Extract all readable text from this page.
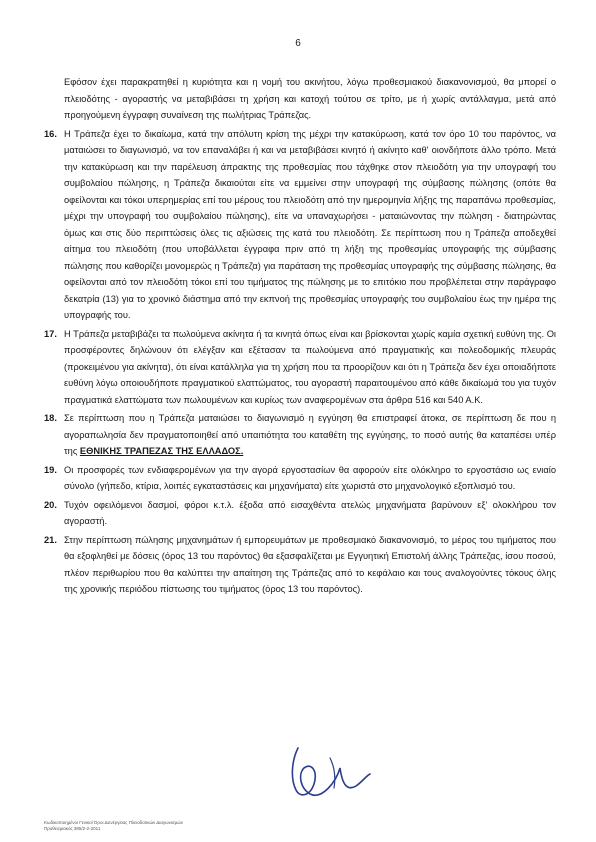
6

Εφόσον έχει παρακρατηθεί η κυριότητα και η νομή του ακινήτου, λόγω προθεσμιακού διακανονισμού, θα μπορεί ο πλειοδότης - αγοραστής να μεταβιβάσει τη χρήση και κατοχή τούτου σε τρίτο, με ή χωρίς αντάλλαγμα, μετά από προηγούμενη έγγραφη συναίνεση της πωλήτριας Τράπεζας.

16. Η Τράπεζα έχει το δικαίωμα, κατά την απόλυτη κρίση της μέχρι την κατακύρωση, κατά τον όρο 10 του παρόντος, να ματαιώσει το διαγωνισμό, να τον επαναλάβει ή και να μεταβιβάσει κινητό ή ακίνητο καθ' οιονδήποτε άλλο τρόπο. Μετά την κατακύρωση και την παρέλευση άπρακτης της προθεσμίας που τάχθηκε στον πλειοδότη για την υπογραφή του συμβολαίου πώλησης, η Τράπεζα δικαιούται είτε να εμμείνει στην υπογραφή της σύμβασης πώλησης (οπότε θα οφείλονται και τόκοι υπερημερίας επί του μέρους του πλειοδότη από την ημερομηνία λήξης της παραπάνω προθεσμίας, μέχρι την υπογραφή του συμβολαίου πώλησης), είτε να υπαναχωρήσει - ματαιώνοντας την πώληση - διατηρώντας όμως και στις δύο περιπτώσεις όλες τις αξιώσεις της κατά του πλειοδότη. Σε περίπτωση που η Τράπεζα αποδεχθεί αίτημα του πλειοδότη (που υποβάλλεται έγγραφα πριν από τη λήξη της προθεσμίας υπογραφής της σύμβασης πώλησης που καθορίζει μονομερώς η Τράπεζα) για παράταση της προθεσμίας υπογραφής της σύμβασης πώλησης, θα οφείλονται από τον πλειοδότη τόκοι επί του τιμήματος της πώλησης με το επιτόκιο που προβλέπεται στην παράγραφο δεκατρία (13) για το χρονικό διάστημα από την εκπνοή της προθεσμίας υπογραφής του συμβολαίου έως την ημέρα της υπογραφής του.
17. Η Τράπεζα μεταβιβάζει τα πωλούμενα ακίνητα ή τα κινητά όπως είναι και βρίσκονται χωρίς καμία σχετική ευθύνη της. Οι προσφέροντες δηλώνουν ότι ελέγξαν και εξέτασαν τα πωλούμενα από πραγματικής και πολεοδομικής πλευράς (προκειμένου για ακίνητα), ότι είναι κατάλληλα για τη χρήση που τα προορίζουν και ότι η Τράπεζα δεν έχει οποιαδήποτε ευθύνη λόγω οποιουδήποτε πραγματικού ελαττώματος, του αγοραστή παραιτουμένου από κάθε δικαίωμά του για τυχόν πραγματικά ελαττώματα των πωλουμένων και κυρίως των αναφερομένων στα άρθρα 516 και 540 Α.Κ.
18. Σε περίπτωση που η Τράπεζα ματαιώσει το διαγωνισμό η εγγύηση θα επιστραφεί άτοκα, σε περίπτωση δε που η αγοραπωλησία δεν πραγματοποιηθεί από υπαιτιότητα του καταθέτη της εγγύησης, το ποσό αυτής θα καταπέσει υπέρ της ΕΘΝΙΚΗΣ ΤΡΑΠΕΖΑΣ ΤΗΣ ΕΛΛΑΔΟΣ.
19. Οι προσφορές των ενδιαφερομένων για την αγορά εργοστασίων θα αφορούν είτε ολόκληρο το εργοστάσιο ως ενιαίο σύνολο (γήπεδο, κτίρια, λοιπές εγκαταστάσεις και μηχανήματα) είτε χωριστά στο μηχανολογικό εξοπλισμό του.
20. Τυχόν οφειλόμενοι δασμοί, φόροι κ.τ.λ. έξοδα από εισαχθέντα ατελώς μηχανήματα βαρύνουν εξ' ολοκλήρου τον αγοραστή.
21. Στην περίπτωση πώλησης μηχανημάτων ή εμπορευμάτων με προθεσμιακό διακανονισμό, το μέρος του τιμήματος που θα εξοφληθεί με δόσεις (όρος 13 του παρόντος) θα εξασφαλίζεται με Εγγυητική Επιστολή άλλης Τράπεζας, ίσου ποσού, πλέον περιθωρίου που θα καλύπτει την απαίτηση της Τράπεζας από το κεφάλαιο και τους αναλογούντες τόκους όλης της χρονικής περιόδου πίστωσης του τιμήματος (όρος 13 του παρόντος).
Κωδικοποιημένοι Γενικοί Όροι Διενέργειας Πλειοδοτικών Διαγωνισμών
Προθεσμιακός 385/2-2-2011
